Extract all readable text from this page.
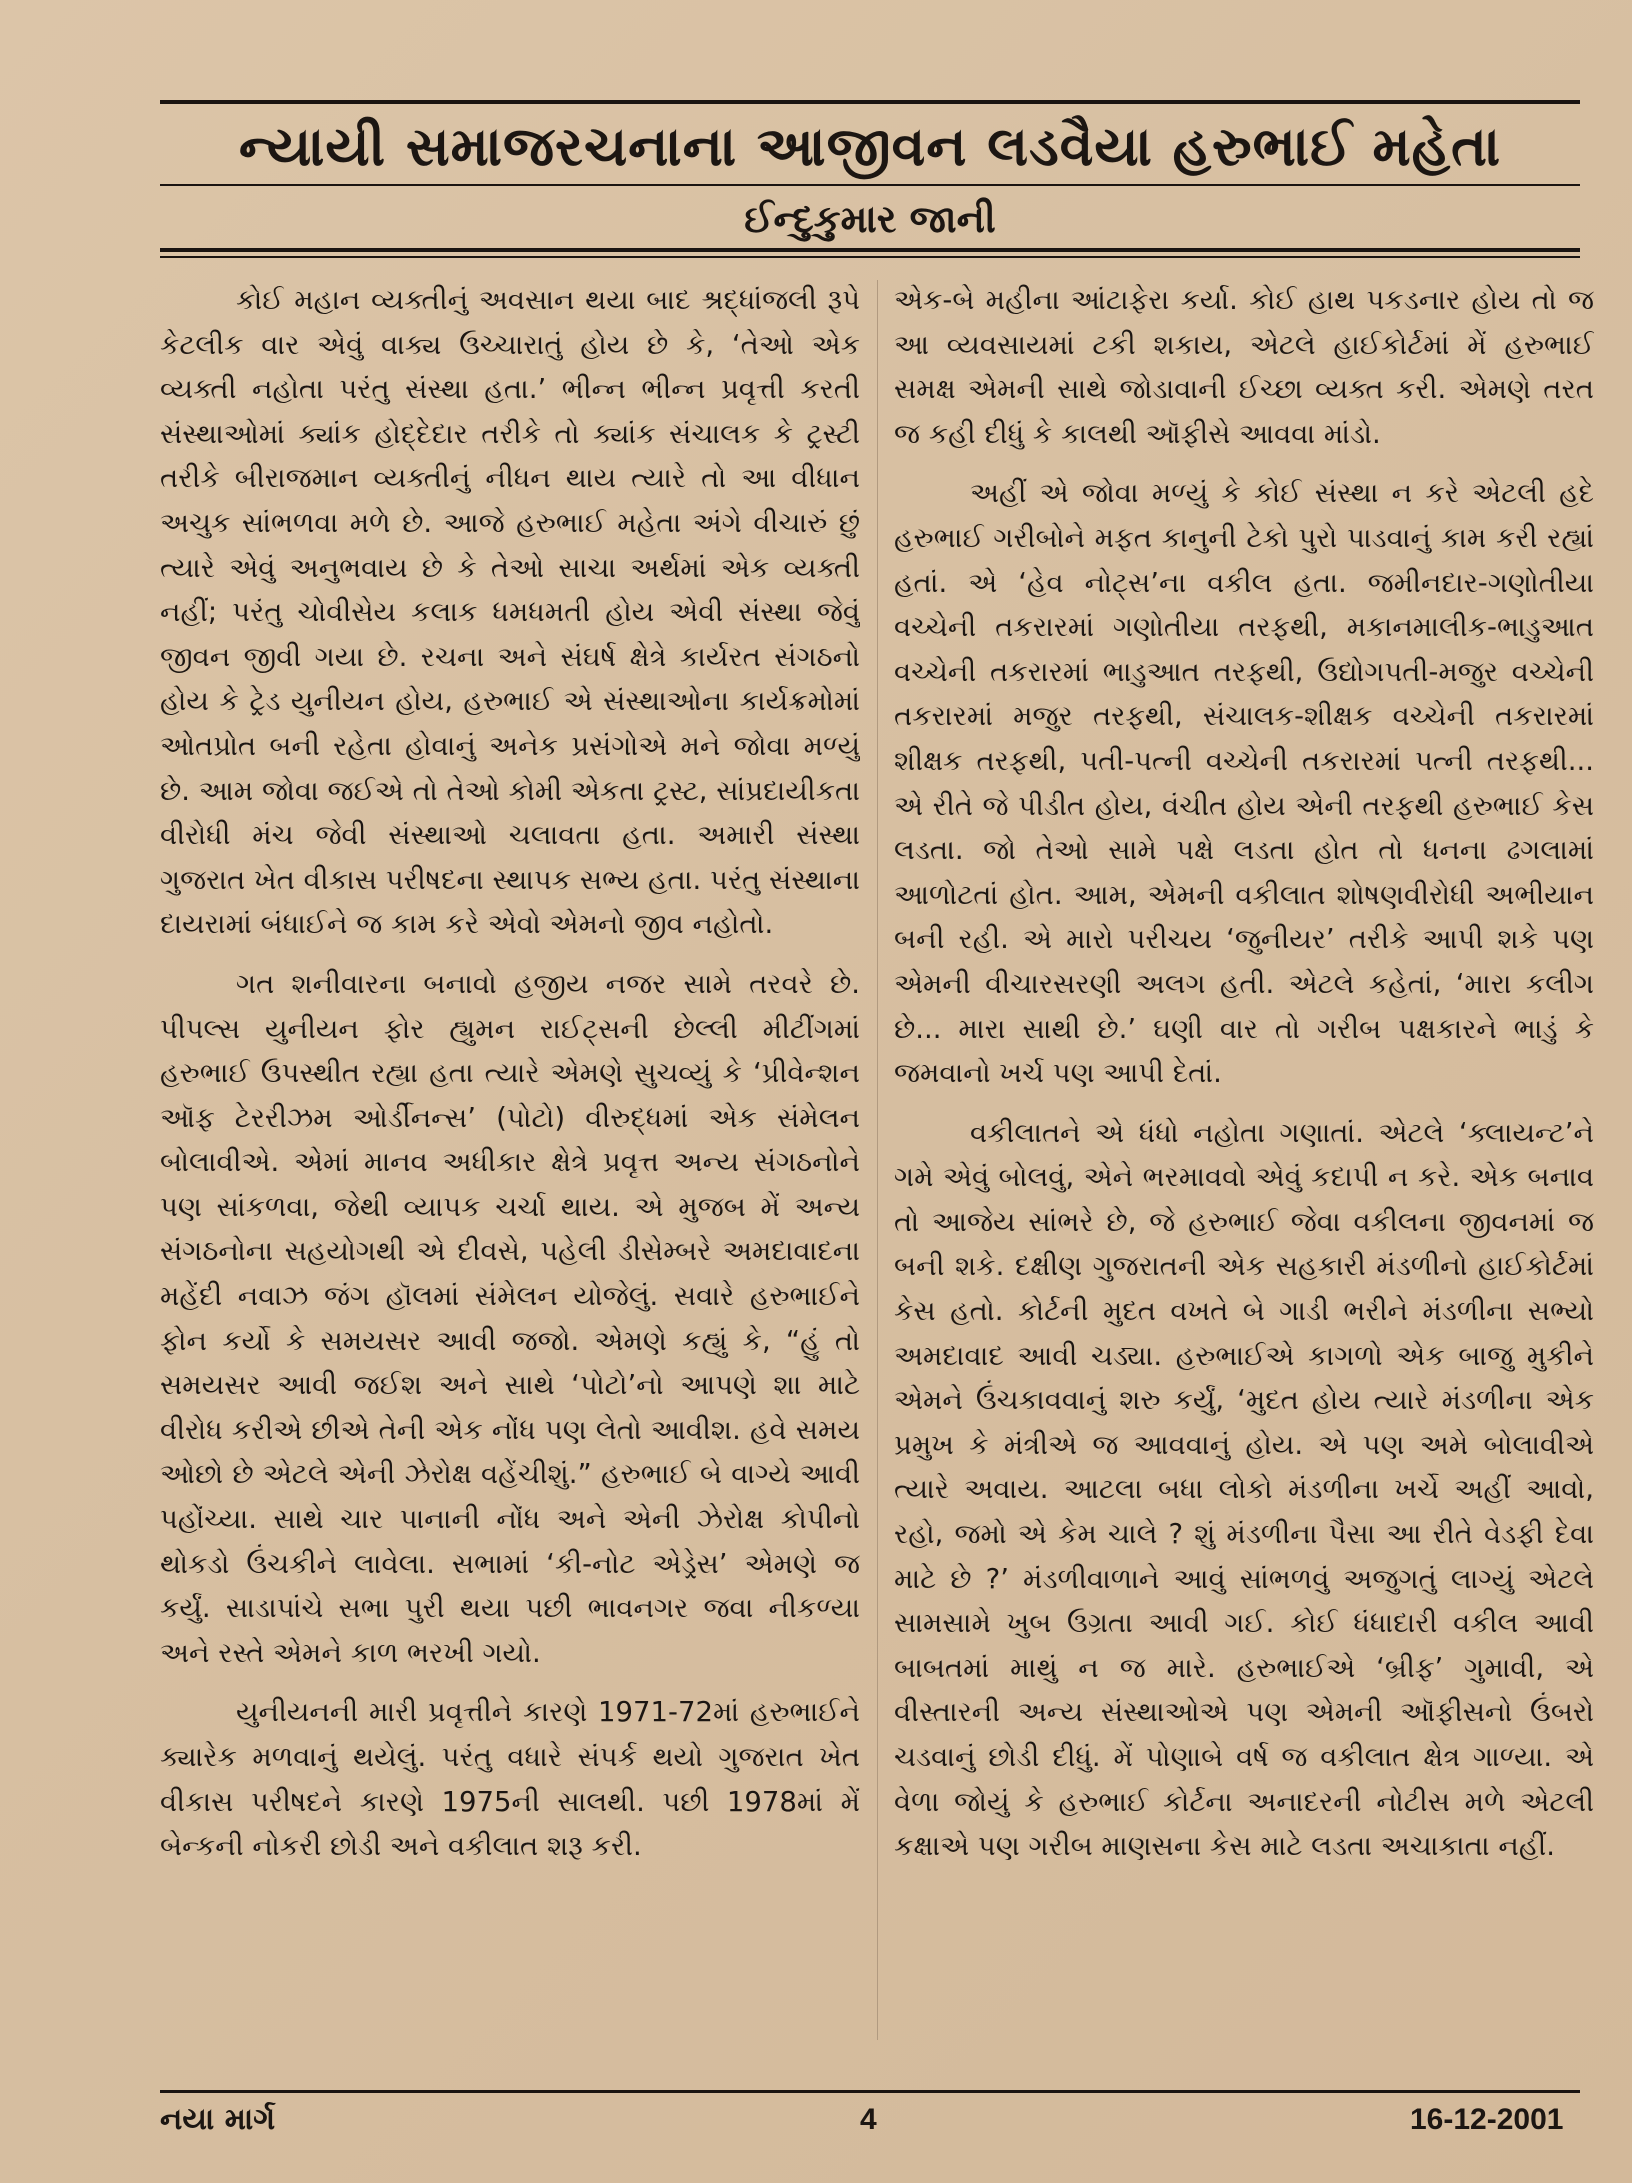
ન્યાયી સમાજરચનાના આજીવન લડવૈયા હરુભાઈ મહેતા
ઈન્દુકુમાર જાની

કોઈ મહાન વ્યક્તીનું અવસાન થયા બાદ શ્રદ્ધાંજલી રૂપે કેટલીક વાર એવું વાક્ય ઉચ્ચારાતું હોય છે કે, ‘તેઓ એક વ્યક્તી નહોતા પરંતુ સંસ્થા હતા.’ ભીન્ન ભીન્ન પ્રવૃત્તી કરતી સંસ્થાઓમાં ક્યાંક હોદ્દેદાર તરીકે તો ક્યાંક સંચાલક કે ટ્રસ્ટી તરીકે બીરાજમાન વ્યક્તીનું નીધન થાય ત્યારે તો આ વીધાન અચુક સાંભળવા મળે છે. આજે હરુભાઈ મહેતા અંગે વીચારું છું ત્યારે એવું અનુભવાય છે કે તેઓ સાચા અર્થમાં એક વ્યક્તી નહીં; પરંતુ ચોવીસેય કલાક ધમધમતી હોય એવી સંસ્થા જેવું જીવન જીવી ગયા છે. રચના અને સંઘર્ષ ક્ષેત્રે કાર્યરત સંગઠનો હોય કે ટ્રેડ યુનીયન હોય, હરુભાઈ એ સંસ્થાઓના કાર્યક્રમોમાં ઓતપ્રોત બની રહેતા હોવાનું અનેક પ્રસંગોએ મને જોવા મળ્યું છે. આમ જોવા જઈએ તો તેઓ કોમી એકતા ટ્રસ્ટ, સાંપ્રદાયીકતા વીરોધી મંચ જેવી સંસ્થાઓ ચલાવતા હતા. અમારી સંસ્થા ગુજરાત ખેત વીકાસ પરીષદના સ્થાપક સભ્ય હતા. પરંતુ સંસ્થાના દાયરામાં બંધાઈને જ કામ કરે એવો એમનો જીવ નહોતો.

ગત શનીવારના બનાવો હજીય નજર સામે તરવરે છે. પીપલ્સ યુનીયન ફોર હ્યુમન રાઈટ્સની છેલ્લી મીટીંગમાં હરુભાઈ ઉપસ્થીત રહ્યા હતા ત્યારે એમણે સુચવ્યું કે ‘પ્રીવેન્શન ઑફ ટેરરીઝમ ઓર્ડીનન્સ’ (પોટો) વીરુદ્ધમાં એક સંમેલન બોલાવીએ. એમાં માનવ અધીકાર ક્ષેત્રે પ્રવૃત્ત અન્ય સંગઠનોને પણ સાંકળવા, જેથી વ્યાપક ચર્ચા થાય. એ મુજબ મેં અન્ય સંગઠનોના સહયોગથી એ દીવસે, પહેલી ડીસેમ્બરે અમદાવાદના મહેંદી નવાઝ જંગ હૉલમાં સંમેલન યોજેલું. સવારે હરુભાઈને ફોન કર્યો કે સમયસર આવી જજો. એમણે કહ્યું કે, “હું તો સમયસર આવી જઈશ અને સાથે ‘પોટો’નો આપણે શા માટે વીરોધ કરીએ છીએ તેની એક નોંધ પણ લેતો આવીશ. હવે સમય ઓછો છે એટલે એની ઝેરોક્ષ વહેંચીશું.” હરુભાઈ બે વાગ્યે આવી પહોંચ્યા. સાથે ચાર પાનાની નોંધ અને એની ઝેરોક્ષ કોપીનો થોકડો ઉંચકીને લાવેલા. સભામાં ‘કી-નોટ એડ્રેસ’ એમણે જ કર્યું. સાડાપાંચે સભા પુરી થયા પછી ભાવનગર જવા નીકળ્યા અને રસ્તે એમને કાળ ભરખી ગયો.

યુનીયનની મારી પ્રવૃત્તીને કારણે 1971-72માં હરુભાઈને ક્યારેક મળવાનું થયેલું. પરંતુ વધારે સંપર્ક થયો ગુજરાત ખેત વીકાસ પરીષદને કારણે 1975ની સાલથી. પછી 1978માં મેં બેન્કની નોકરી છોડી અને વકીલાત શરૂ કરી.

એક-બે મહીના આંટાફેરા કર્યા. કોઈ હાથ પકડનાર હોય તો જ આ વ્યવસાયમાં ટકી શકાય, એટલે હાઈકોર્ટમાં મેં હરુભાઈ સમક્ષ એમની સાથે જોડાવાની ઈચ્છા વ્યક્ત કરી. એમણે તરત જ કહી દીધું કે કાલથી ઑફીસે આવવા માંડો.

અહીં એ જોવા મળ્યું કે કોઈ સંસ્થા ન કરે એટલી હદે હરુભાઈ ગરીબોને મફત કાનુની ટેકો પુરો પાડવાનું કામ કરી રહ્યાં હતાં. એ ‘હેવ નોટ્સ’ના વકીલ હતા. જમીનદાર-ગણોતીયા વચ્ચેની તકરારમાં ગણોતીયા તરફથી, મકાનમાલીક-ભાડુઆત વચ્ચેની તકરારમાં ભાડુઆત તરફથી, ઉદ્યોગપતી-મજુર વચ્ચેની તકરારમાં મજુર તરફથી, સંચાલક-શીક્ષક વચ્ચેની તકરારમાં શીક્ષક તરફથી, પતી-પત્ની વચ્ચેની તકરારમાં પત્ની તરફથી... એ રીતે જે પીડીત હોય, વંચીત હોય એની તરફથી હરુભાઈ કેસ લડતા. જો તેઓ સામે પક્ષે લડતા હોત તો ધનના ઢગલામાં આળોટતાં હોત. આમ, એમની વકીલાત શોષણવીરોધી અભીયાન બની રહી. એ મારો પરીચય ‘જુનીયર’ તરીકે આપી શકે પણ એમની વીચારસરણી અલગ હતી. એટલે કહેતાં, ‘મારા કલીગ છે... મારા સાથી છે.’ ઘણી વાર તો ગરીબ પક્ષકારને ભાડું કે જમવાનો ખર્ચ પણ આપી દેતાં.

વકીલાતને એ ધંધો નહોતા ગણાતાં. એટલે ‘ક્લાયન્ટ’ને ગમે એવું બોલવું, એને ભરમાવવો એવું કદાપી ન કરે. એક બનાવ તો આજેય સાંભરે છે, જે હરુભાઈ જેવા વકીલના જીવનમાં જ બની શકે. દક્ષીણ ગુજરાતની એક સહકારી મંડળીનો હાઈકોર્ટમાં કેસ હતો. કોર્ટની મુદત વખતે બે ગાડી ભરીને મંડળીના સભ્યો અમદાવાદ આવી ચડ્યા. હરુભાઈએ કાગળો એક બાજુ મુકીને એમને ઉંચકાવવાનું શરુ કર્યું, ‘મુદત હોય ત્યારે મંડળીના એક પ્રમુખ કે મંત્રીએ જ આવવાનું હોય. એ પણ અમે બોલાવીએ ત્યારે અવાય. આટલા બધા લોકો મંડળીના ખર્ચે અહીં આવો, રહો, જમો એ કેમ ચાલે ? શું મંડળીના પૈસા આ રીતે વેડફી દેવા માટે છે ?’ મંડળીવાળાને આવું સાંભળવું અજુગતું લાગ્યું એટલે સામસામે ખુબ ઉગ્રતા આવી ગઈ. કોઈ ધંધાદારી વકીલ આવી બાબતમાં માથું ન જ મારે. હરુભાઈએ ‘બ્રીફ’ ગુમાવી, એ વીસ્તારની અન્ય સંસ્થાઓએ પણ એમની ઑફીસનો ઉંબરો ચડવાનું છોડી દીધું. મેં પોણાબે વર્ષ જ વકીલાત ક્ષેત્ર ગાળ્યા. એ વેળા જોયું કે હરુભાઈ કોર્ટના અનાદરની નોટીસ મળે એટલી કક્ષાએ પણ ગરીબ માણસના કેસ માટે લડતા અચાકાતા નહીં.

નયા માર્ગ	4	16-12-2001
